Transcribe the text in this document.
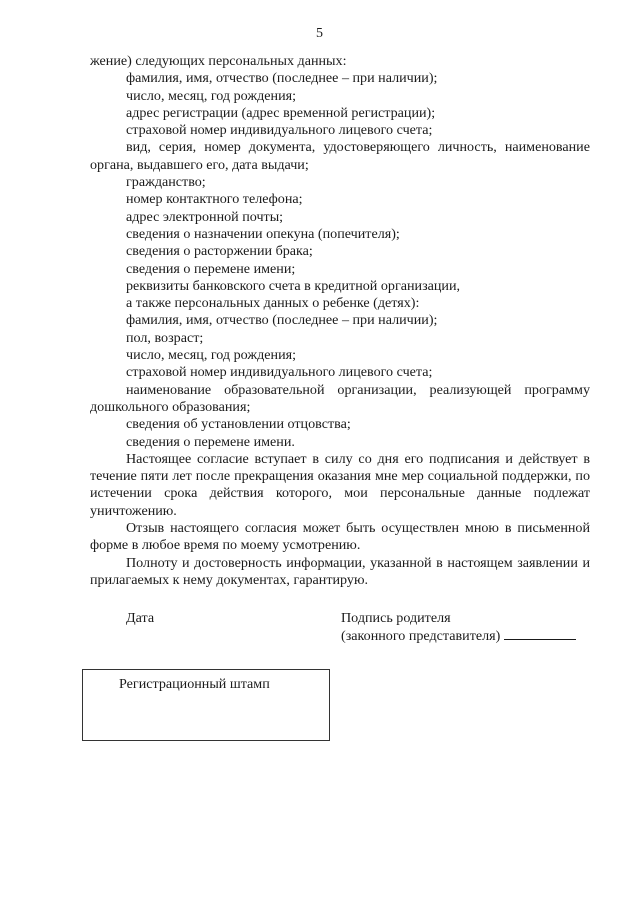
5

жение) следующих персональных данных:

фамилия, имя, отчество (последнее – при наличии);

число, месяц, год рождения;

адрес регистрации (адрес временной регистрации);

страховой номер индивидуального лицевого счета;

вид, серия, номер документа, удостоверяющего личность, наименование органа, выдавшего его, дата выдачи;

гражданство;

номер контактного телефона;

адрес электронной почты;

сведения о назначении опекуна (попечителя);

сведения о расторжении брака;

сведения о перемене имени;

реквизиты банковского счета в кредитной организации,

а также персональных данных о ребенке (детях):

фамилия, имя, отчество (последнее – при наличии);

пол, возраст;

число, месяц, год рождения;

страховой номер индивидуального лицевого счета;

наименование образовательной организации, реализующей программу дошкольного образования;

сведения об установлении отцовства;

сведения о перемене имени.

Настоящее согласие вступает в силу со дня его подписания и действует в течение пяти лет после прекращения оказания мне мер социальной поддержки, по истечении срока действия которого, мои персональные данные подлежат уничтожению.

Отзыв настоящего согласия может быть осуществлен мною в письменной форме в любое время по моему усмотрению.

Полноту и достоверность информации, указанной в настоящем заявлении и прилагаемых к нему документах, гарантирую.

Дата	Подпись родителя
(законного представителя)
Регистрационный штамп
